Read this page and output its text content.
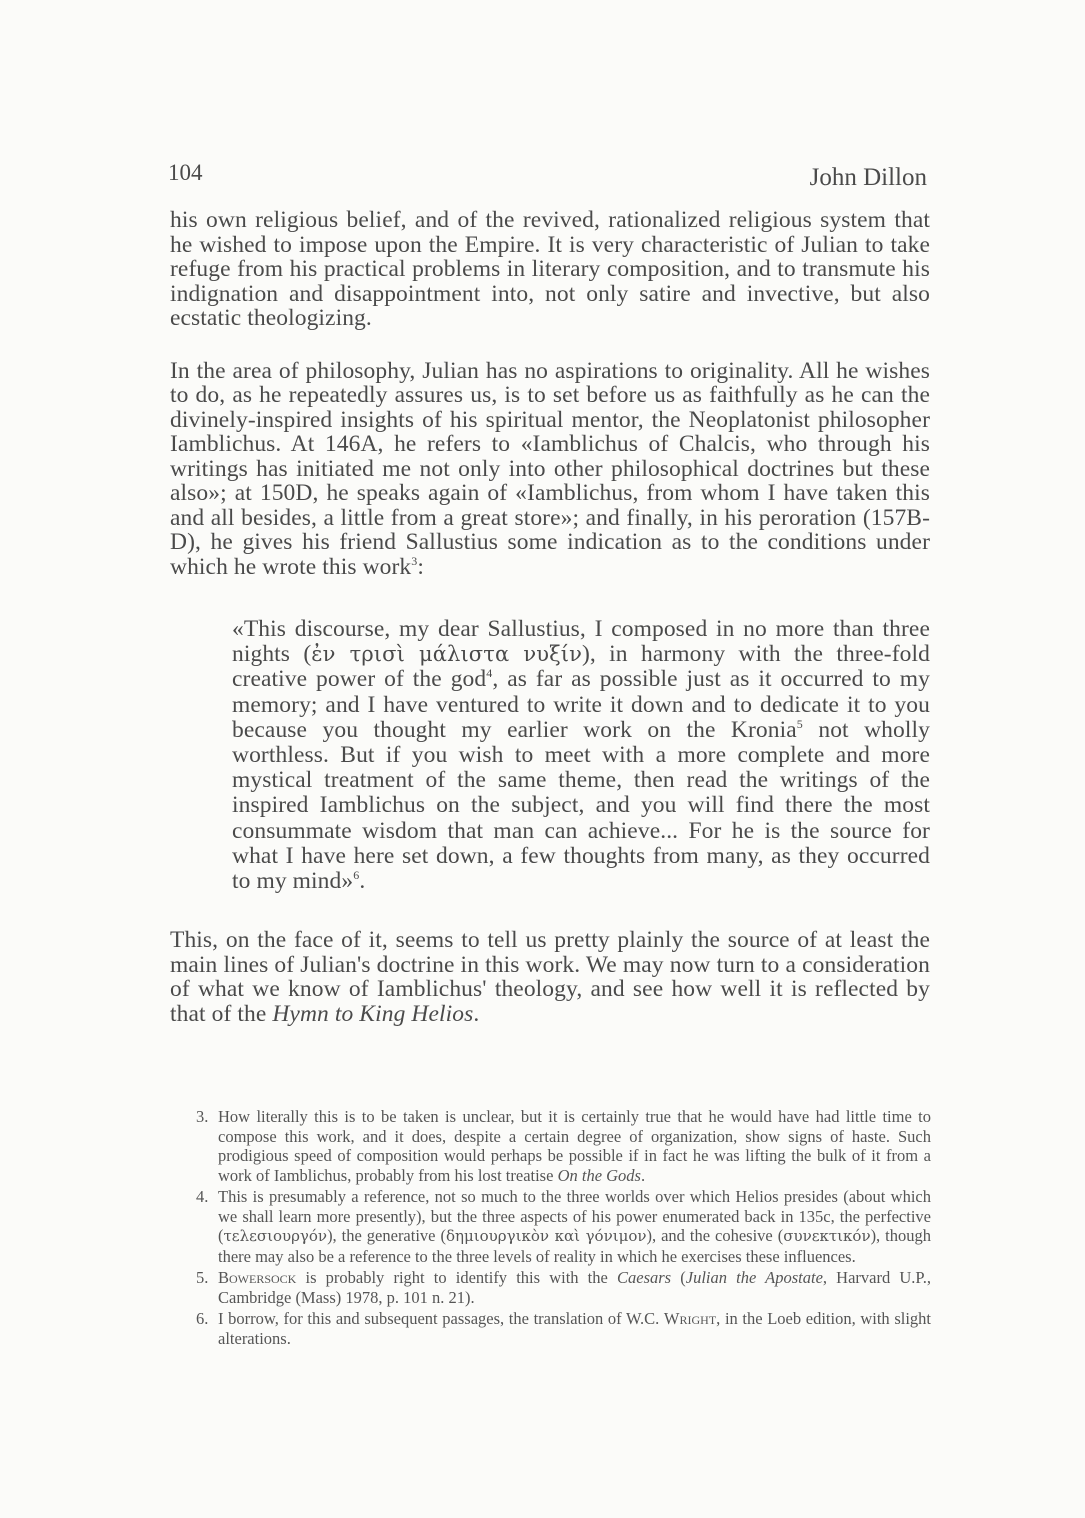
104	John Dillon

his own religious belief, and of the revived, rationalized religious system that he wished to impose upon the Empire. It is very characteristic of Julian to take refuge from his practical problems in literary composition, and to transmute his indignation and disappointment into, not only satire and invective, but also ecstatic theologizing.

In the area of philosophy, Julian has no aspirations to originality. All he wishes to do, as he repeatedly assures us, is to set before us as faithfully as he can the divinely-inspired insights of his spiritual mentor, the Neoplatonist philosopher Iamblichus. At 146A, he refers to «Iamblichus of Chalcis, who through his writings has initiated me not only into other philosophical doctrines but these also»; at 150D, he speaks again of «Iamblichus, from whom I have taken this and all besides, a little from a great store»; and finally, in his peroration (157B-D), he gives his friend Sallustius some indication as to the conditions under which he wrote this work$^3$:

«This discourse, my dear Sallustius, I composed in no more than three nights (ἐν τρισὶ μάλιστα νυξίν), in harmony with the three-fold creative power of the god$^4$, as far as possible just as it occurred to my memory; and I have ventured to write it down and to dedicate it to you because you thought my earlier work on the Kronia$^5$ not wholly worthless. But if you wish to meet with a more complete and more mystical treatment of the same theme, then read the writings of the inspired Iamblichus on the subject, and you will find there the most consummate wisdom that man can achieve... For he is the source for what I have here set down, a few thoughts from many, as they occurred to my mind»$^6$.

This, on the face of it, seems to tell us pretty plainly the source of at least the main lines of Julian's doctrine in this work. We may now turn to a consideration of what we know of Iamblichus' theology, and see how well it is reflected by that of the Hymn to King Helios.

3. How literally this is to be taken is unclear, but it is certainly true that he would have had little time to compose this work, and it does, despite a certain degree of organization, show signs of haste. Such prodigious speed of composition would perhaps be possible if in fact he was lifting the bulk of it from a work of Iamblichus, probably from his lost treatise On the Gods.
4. This is presumably a reference, not so much to the three worlds over which Helios presides (about which we shall learn more presently), but the three aspects of his power enumerated back in 135c, the perfective (τελεσιουργόν), the generative (δημιουργικὸν καὶ γόνιμον), and the cohesive (συνεκτικόν), though there may also be a reference to the three levels of reality in which he exercises these influences.
5. Bowersock is probably right to identify this with the Caesars (Julian the Apostate, Harvard U.P., Cambridge (Mass) 1978, p. 101 n. 21).
6. I borrow, for this and subsequent passages, the translation of W.C. Wright, in the Loeb edition, with slight alterations.
